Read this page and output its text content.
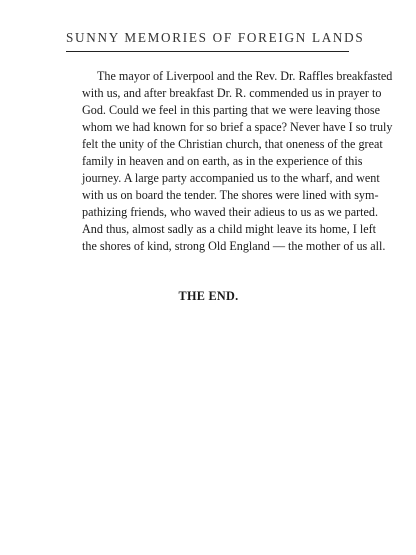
SUNNY MEMORIES OF FOREIGN LANDS
The mayor of Liverpool and the Rev. Dr. Raffles breakfasted
with us, and after breakfast Dr. R. commended us in prayer to
God. Could we feel in this parting that we were leaving those
whom we had known for so brief a space? Never have I so truly
felt the unity of the Christian church, that oneness of the great
family in heaven and on earth, as in the experience of this
journey. A large party accompanied us to the wharf, and went
with us on board the tender. The shores were lined with sym-
pathizing friends, who waved their adieus to us as we parted.
And thus, almost sadly as a child might leave its home, I left
the shores of kind, strong Old England — the mother of us all.
THE END.
